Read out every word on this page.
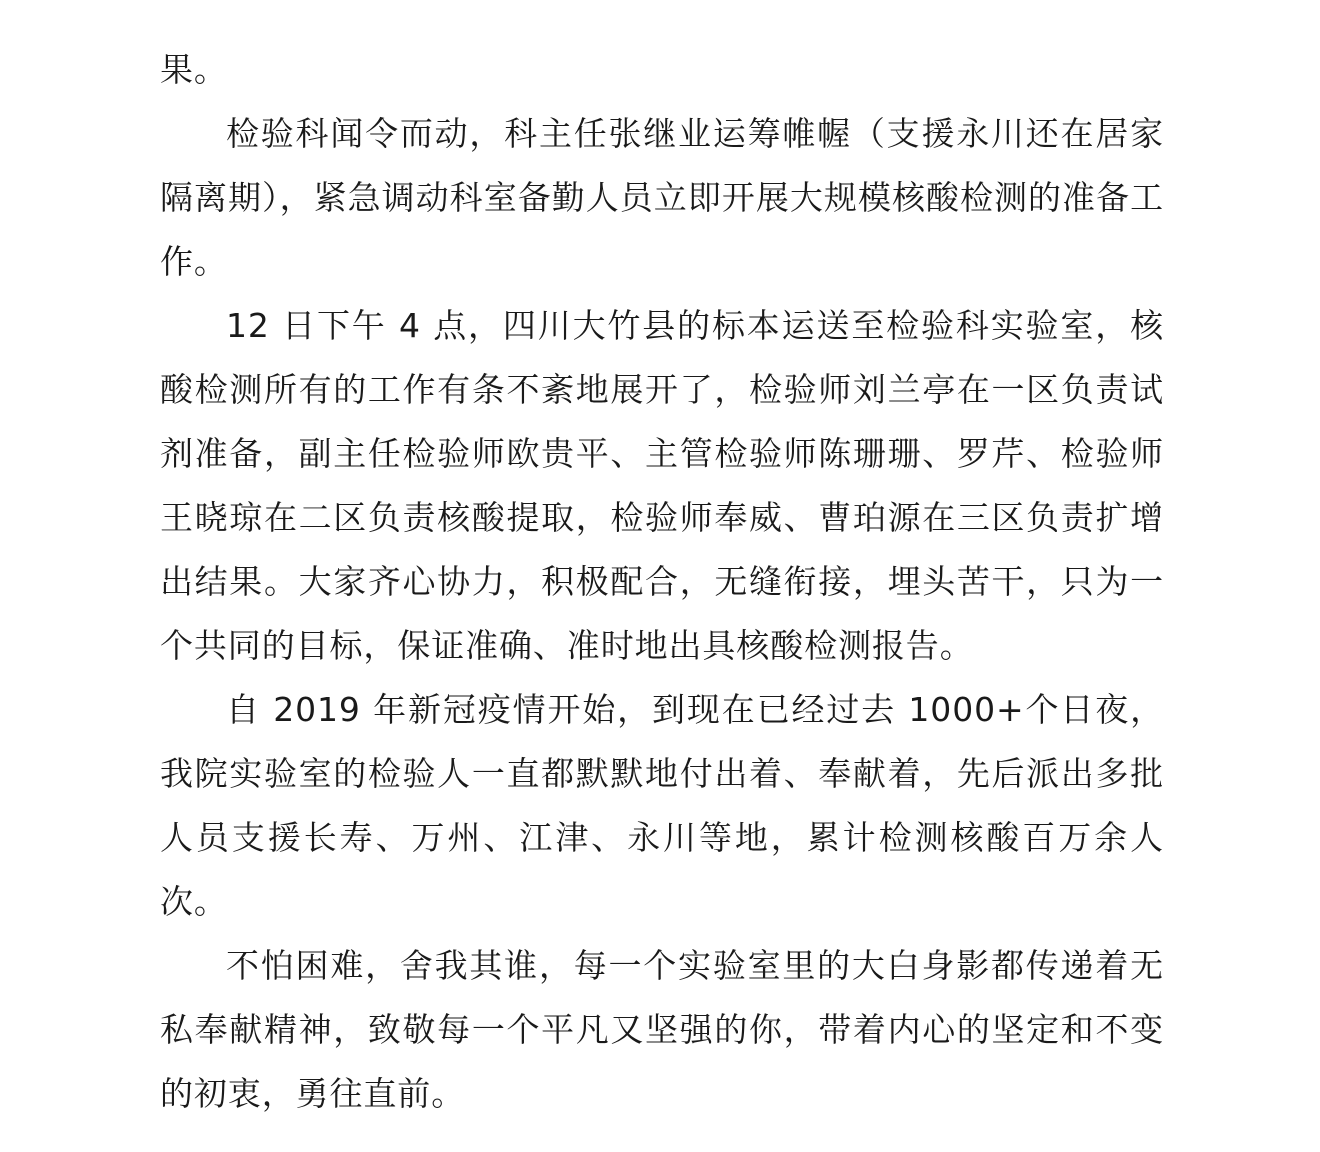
果。

检验科闻令而动，科主任张继业运筹帷幄（支援永川还在居家隔离期），紧急调动科室备勤人员立即开展大规模核酸检测的准备工作。

12 日下午 4 点，四川大竹县的标本运送至检验科实验室，核酸检测所有的工作有条不紊地展开了，检验师刘兰亭在一区负责试剂准备，副主任检验师欧贵平、主管检验师陈珊珊、罗芹、检验师王晓琼在二区负责核酸提取，检验师奉威、曹珀源在三区负责扩增出结果。大家齐心协力，积极配合，无缝衔接，埋头苦干，只为一个共同的目标，保证准确、准时地出具核酸检测报告。

自 2019 年新冠疫情开始，到现在已经过去 1000+个日夜，我院实验室的检验人一直都默默地付出着、奉献着，先后派出多批人员支援长寿、万州、江津、永川等地，累计检测核酸百万余人次。

不怕困难，舍我其谁，每一个实验室里的大白身影都传递着无私奉献精神，致敬每一个平凡又坚强的你，带着内心的坚定和不变的初衷，勇往直前。
